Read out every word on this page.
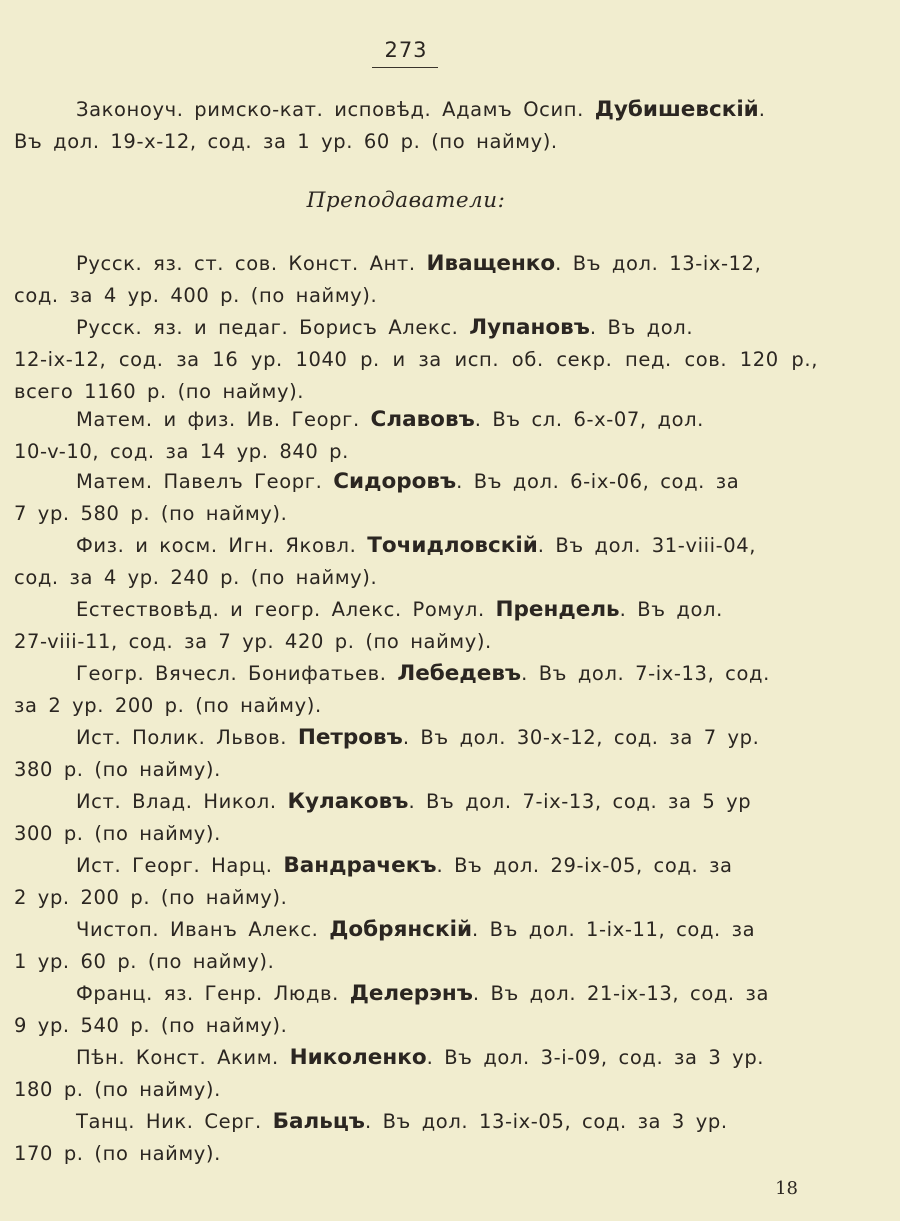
273
Законоуч. римско-кат. исповѣд. Адамъ Осип. Дубишевскій.
Въ дол. 19-х-12, сод. за 1 ур. 60 р. (по найму).
Преподаватели:
Русск. яз. ст. сов. Конст. Ант. Иващенко. Въ дол. 13-ix-12,
сод. за 4 ур. 400 р. (по найму).
Русск. яз. и педаг. Борисъ Алекс. Лупановъ. Въ дол.
12-ix-12, сод. за 16 ур. 1040 р. и за исп. об. секр. пед. сов. 120 р., всего 1160 р. (по найму).
Матем. и физ. Ив. Георг. Славовъ. Въ сл. 6-х-07, дол.
10-v-10, сод. за 14 ур. 840 р.
Матем. Павелъ Георг. Сидоровъ. Въ дол. 6-ix-06, сод. за
7 ур. 580 р. (по найму).
Физ. и косм. Игн. Яковл. Точидловскій. Въ дол. 31-viii-04,
сод. за 4 ур. 240 р. (по найму).
Естествовѣд. и геогр. Алекс. Ромул. Прендель. Въ дол.
27-viii-11, сод. за 7 ур. 420 р. (по найму).
Геогр. Вячесл. Бонифатьев. Лебедевъ. Въ дол. 7-ix-13, сод.
за 2 ур. 200 р. (по найму).
Ист. Полик. Львов. Петровъ. Въ дол. 30-х-12, сод. за 7 ур.
380 р. (по найму).
Ист. Влад. Никол. Кулаковъ. Въ дол. 7-ix-13, сод. за 5 ур
300 р. (по найму).
Ист. Георг. Нарц. Вандрачекъ. Въ дол. 29-ix-05, сод. за
2 ур. 200 р. (по найму).
Чистоп. Иванъ Алекс. Добрянскій. Въ дол. 1-ix-11, сод. за
1 ур. 60 р. (по найму).
Франц. яз. Генр. Людв. Делерэнъ. Въ дол. 21-ix-13, сод. за
9 ур. 540 р. (по найму).
Пѣн. Конст. Аким. Николенко. Въ дол. 3-i-09, сод. за 3 ур.
180 р. (по найму).
Танц. Ник. Серг. Бальцъ. Въ дол. 13-ix-05, сод. за 3 ур.
170 р. (по найму).
18
